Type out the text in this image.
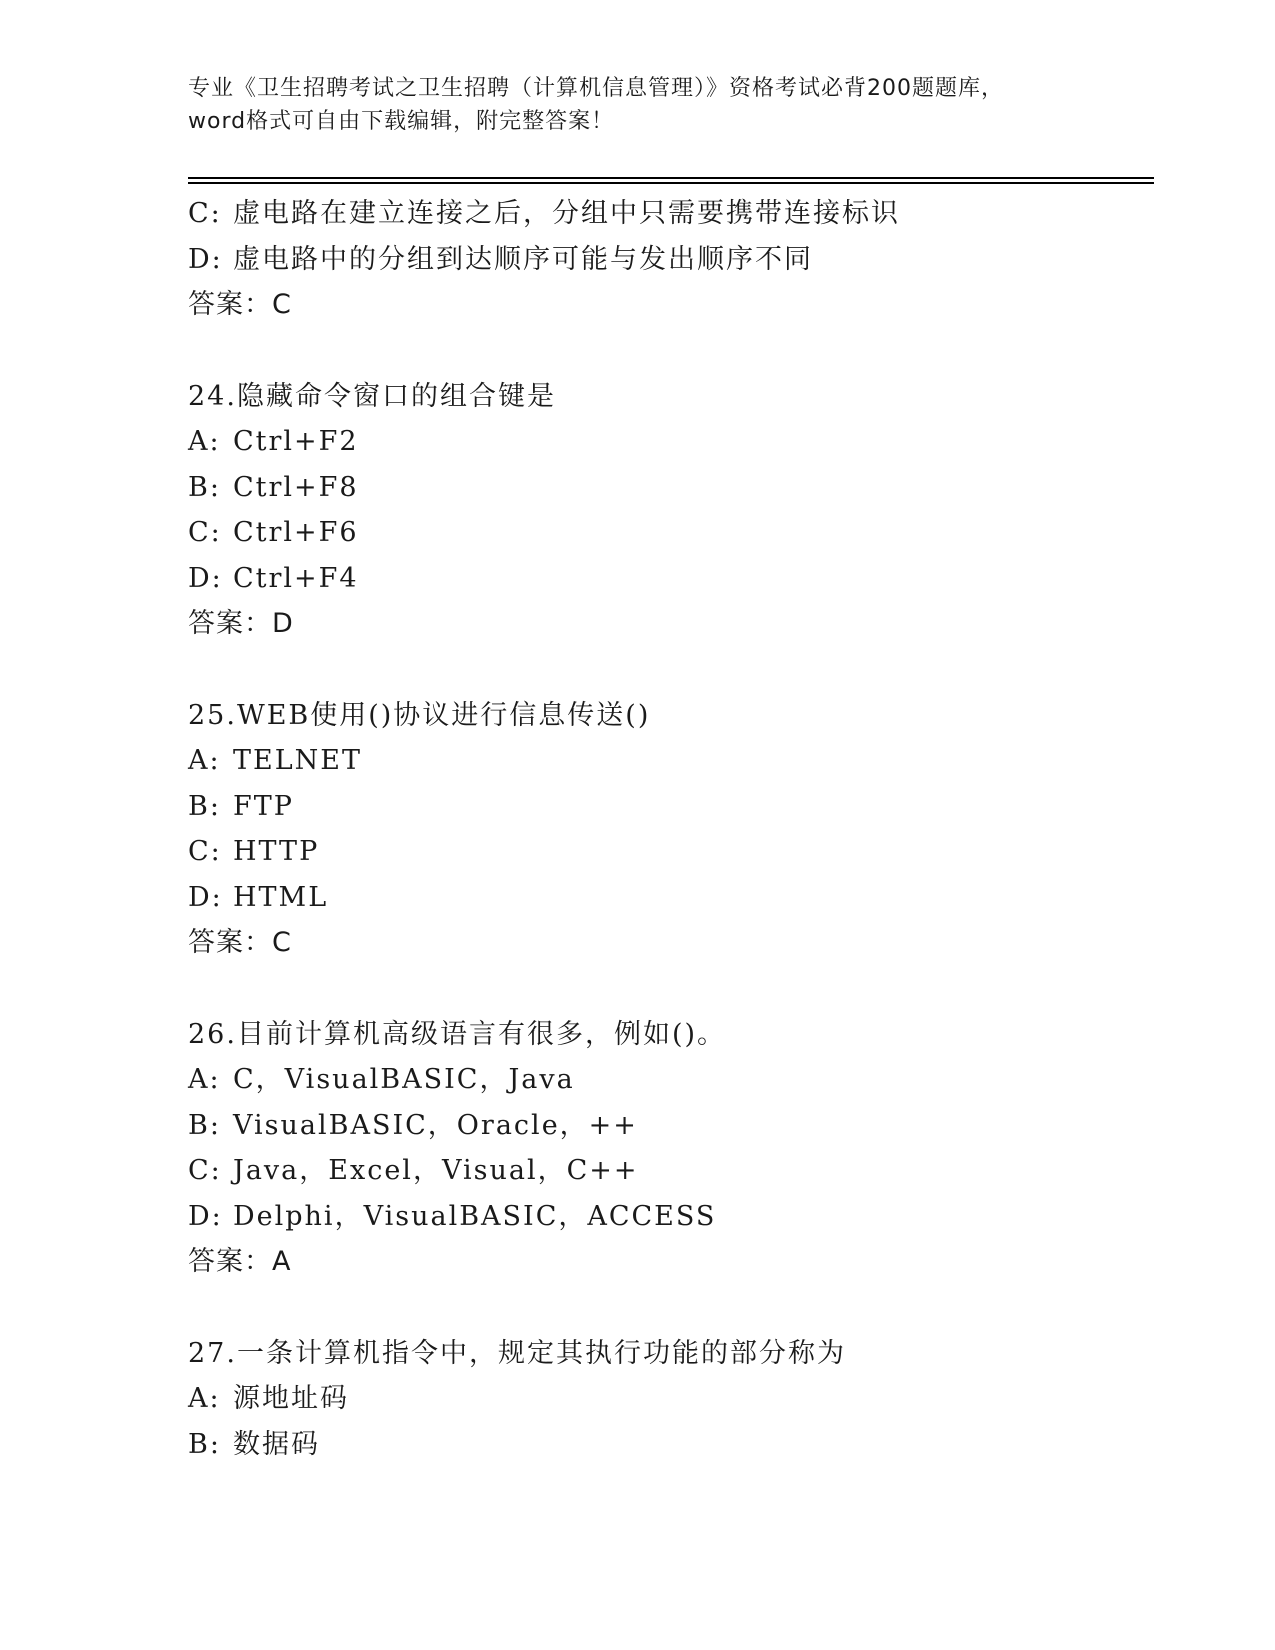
专业《卫生招聘考试之卫生招聘（计算机信息管理）》资格考试必背200题题库，
word格式可自由下载编辑，附完整答案！
C: 虚电路在建立连接之后，分组中只需要携带连接标识
D: 虚电路中的分组到达顺序可能与发出顺序不同
答案：C
24.隐藏命令窗口的组合键是
A: Ctrl+F2
B: Ctrl+F8
C: Ctrl+F6
D: Ctrl+F4
答案：D
25.WEB使用()协议进行信息传送()
A: TELNET
B: FTP
C: HTTP
D: HTML
答案：C
26.目前计算机高级语言有很多，例如()。
A: C，VisualBASIC，Java
B: VisualBASIC，Oracle，++
C: Java，Excel，Visual，C++
D: Delphi，VisualBASIC，ACCESS
答案：A
27.一条计算机指令中，规定其执行功能的部分称为
A: 源地址码
B: 数据码
